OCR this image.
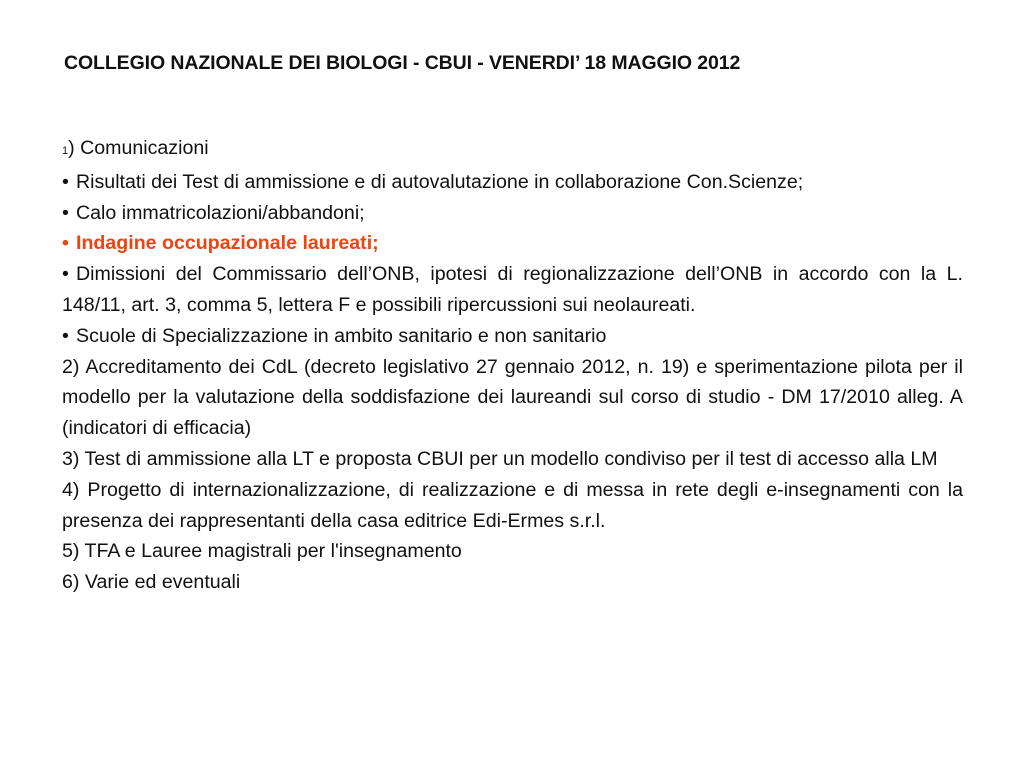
COLLEGIO NAZIONALE DEI BIOLOGI - CBUI - VENERDI’ 18 MAGGIO 2012
1) Comunicazioni
• Risultati dei Test di ammissione e di autovalutazione in collaborazione Con.Scienze;
• Calo immatricolazioni/abbandoni;
• Indagine occupazionale laureati;
• Dimissioni del Commissario dell’ONB, ipotesi di regionalizzazione dell’ONB in accordo con la L. 148/11, art. 3, comma 5, lettera F e possibili ripercussioni sui neolaureati.
• Scuole di Specializzazione in ambito sanitario e non sanitario
2) Accreditamento dei CdL (decreto legislativo 27 gennaio 2012, n. 19) e sperimentazione pilota per il modello per la valutazione della soddisfazione dei laureandi sul corso di studio - DM 17/2010 alleg. A (indicatori di efficacia)
3) Test di ammissione alla LT e proposta CBUI per un modello condiviso per il test di accesso alla LM
4) Progetto di internazionalizzazione, di realizzazione e di messa in rete degli e-insegnamenti con la presenza dei rappresentanti della casa editrice Edi-Ermes s.r.l.
5) TFA e Lauree magistrali per l'insegnamento
6) Varie ed eventuali
